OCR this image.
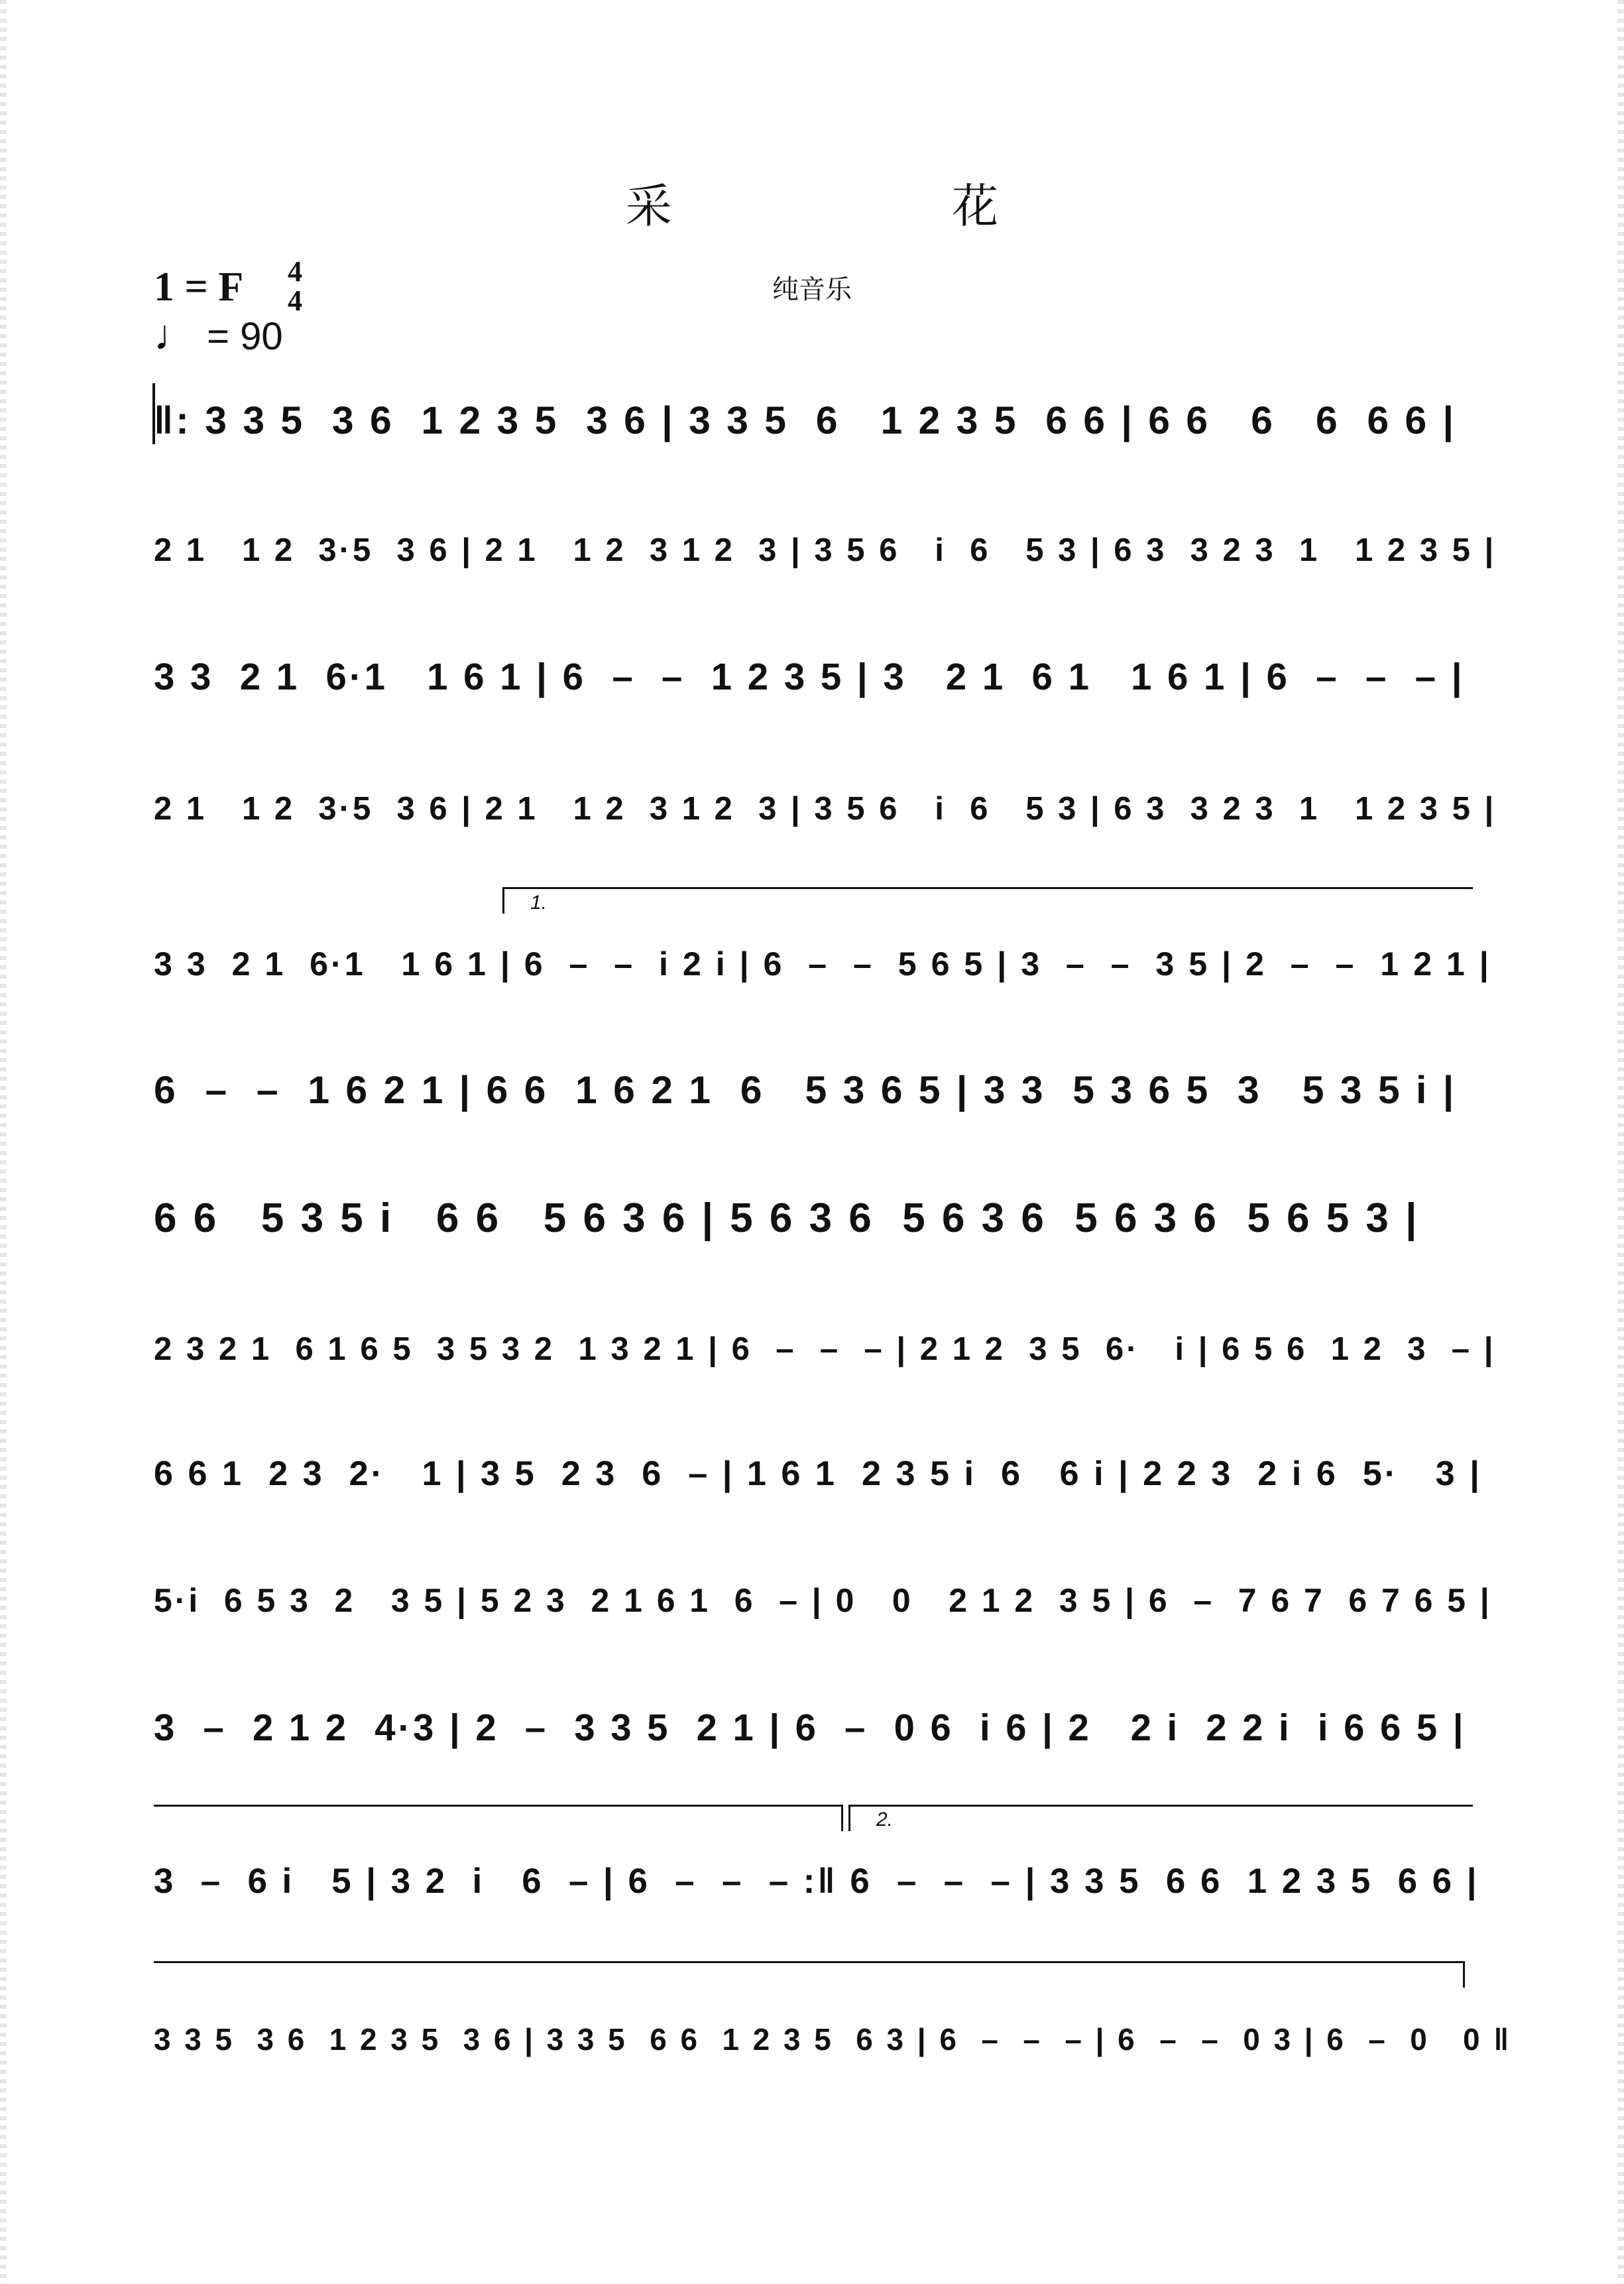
采 花
纯音乐
1 = F	4
4
♩ = 90
‖: 3 3 5  3 6  1 2 3 5  3 6 | 3 3 5  6   1 2 3 5  6 6 | 6 6   6   6  6 6 |
2 1   1 2  3·5  3 6 | 2 1   1 2  3 1 2  3 | 3 5 6   i  6   5 3 | 6 3  3 2 3  1   1 2 3 5 |
3 3  2 1  6·1   1 6 1 | 6  –  –  1 2 3 5 | 3   2 1  6 1   1 6 1 | 6  –  –  – |
2 1   1 2  3·5  3 6 | 2 1   1 2  3 1 2  3 | 3 5 6   i  6   5 3 | 6 3  3 2 3  1   1 2 3 5 |
1.
3 3  2 1  6·1   1 6 1 | 6  –  –  i 2 i | 6  –  –  5 6 5 | 3  –  –  3 5 | 2  –  –  1 2 1 |
6  –  –  1 6 2 1 | 6 6  1 6 2 1  6   5 3 6 5 | 3 3  5 3 6 5  3   5 3 5 i |
6 6   5 3 5 i   6 6   5 6 3 6 | 5 6 3 6  5 6 3 6  5 6 3 6  5 6 5 3 |
2 3 2 1  6 1 6 5  3 5 3 2  1 3 2 1 | 6  –  –  – | 2 1 2  3 5  6·   i | 6 5 6  1 2  3  – |
6 6 1  2 3  2·   1 | 3 5  2 3  6  – | 1 6 1  2 3 5 i  6   6 i | 2 2 3  2 i 6  5·   3 |
5·i  6 5 3  2   3 5 | 5 2 3  2 1 6 1  6  – | 0   0   2 1 2  3 5 | 6  –  7 6 7  6 7 6 5 |
3  –  2 1 2  4·3 | 2  –  3 3 5  2 1 | 6  –  0 6  i 6 | 2   2 i  2 2 i  i 6 6 5 |
2.
3  –  6 i   5 | 3 2  i   6  – | 6  –  –  – :‖ 6  –  –  – | 3 3 5  6 6  1 2 3 5  6 6 |
3 3 5  3 6  1 2 3 5  3 6 | 3 3 5  6 6  1 2 3 5  6 3 | 6  –  –  – | 6  –  –  0 3 | 6  –  0   0 ‖
